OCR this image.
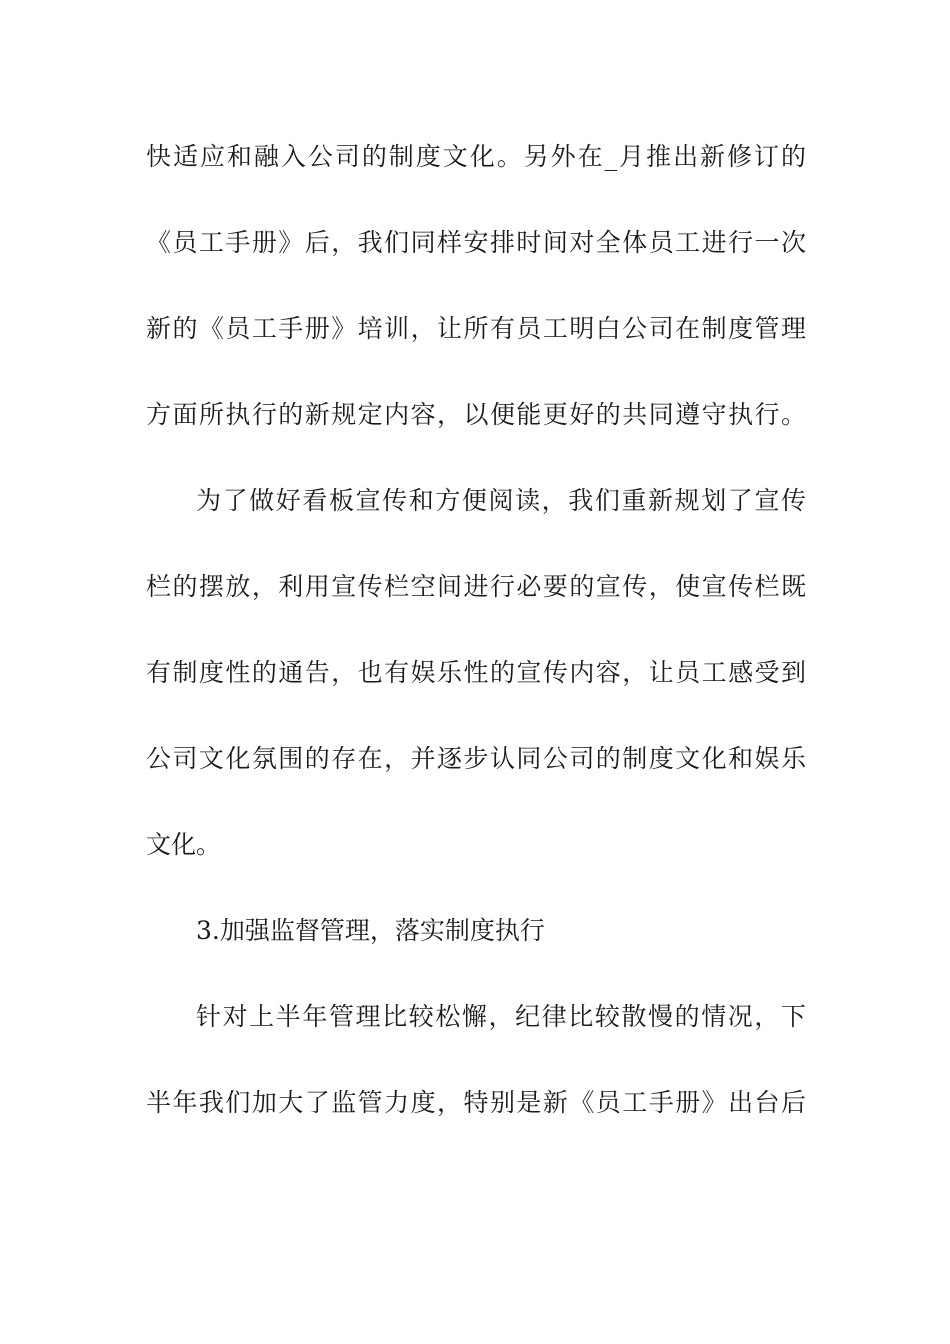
快适应和融入公司的制度文化。另外在_月推出新修订的
《员工手册》后，我们同样安排时间对全体员工进行一次
新的《员工手册》培训，让所有员工明白公司在制度管理
方面所执行的新规定内容，以便能更好的共同遵守执行。
为了做好看板宣传和方便阅读，我们重新规划了宣传
栏的摆放，利用宣传栏空间进行必要的宣传，使宣传栏既
有制度性的通告，也有娱乐性的宣传内容，让员工感受到
公司文化氛围的存在，并逐步认同公司的制度文化和娱乐
文化。
3.加强监督管理，落实制度执行
针对上半年管理比较松懈，纪律比较散慢的情况，下
半年我们加大了监管力度，特别是新《员工手册》出台后
